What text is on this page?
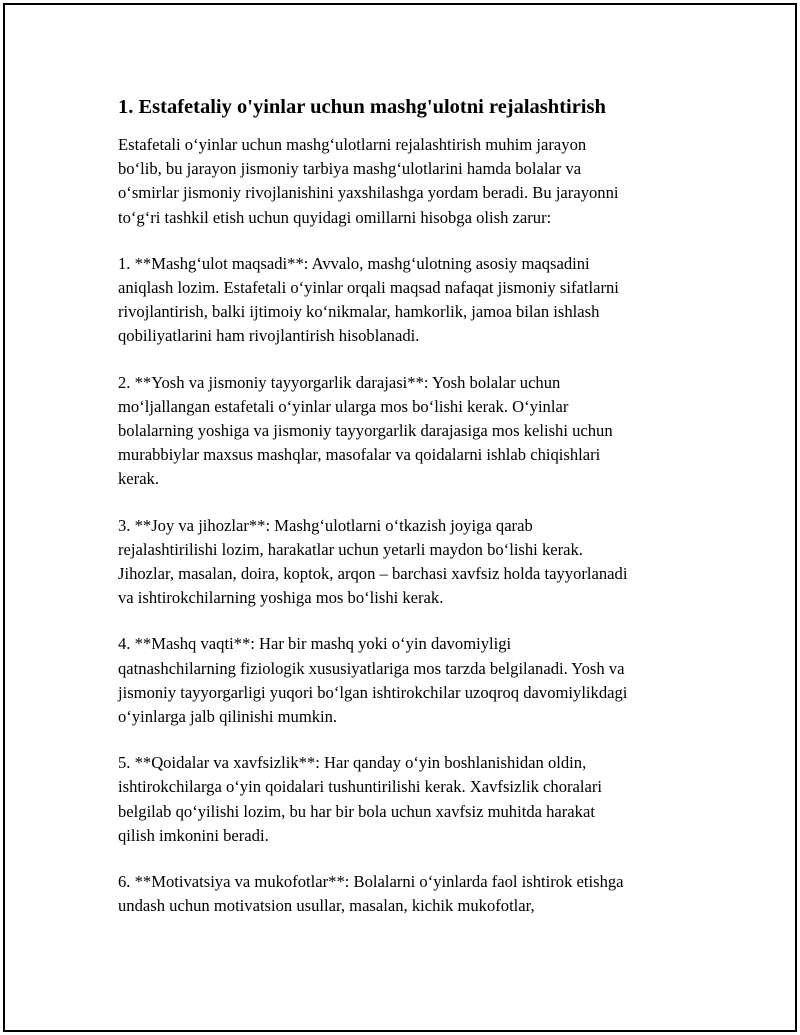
1. Estafetaliy o'yinlar uchun mashg'ulotni rejalashtirish

Estafetali o‘yinlar uchun mashg‘ulotlarni rejalashtirish muhim jarayon
bo‘lib, bu jarayon jismoniy tarbiya mashg‘ulotlarini hamda bolalar va
o‘smirlar jismoniy rivojlanishini yaxshilashga yordam beradi. Bu jarayonni
to‘g‘ri tashkil etish uchun quyidagi omillarni hisobga olish zarur:

1. **Mashg‘ulot maqsadi**: Avvalo, mashg‘ulotning asosiy maqsadini
aniqlash lozim. Estafetali o‘yinlar orqali maqsad nafaqat jismoniy sifatlarni
rivojlantirish, balki ijtimoiy ko‘nikmalar, hamkorlik, jamoa bilan ishlash
qobiliyatlarini ham rivojlantirish hisoblanadi.

2. **Yosh va jismoniy tayyorgarlik darajasi**: Yosh bolalar uchun
mo‘ljallangan estafetali o‘yinlar ularga mos bo‘lishi kerak. O‘yinlar
bolalarning yoshiga va jismoniy tayyorgarlik darajasiga mos kelishi uchun
murabbiylar maxsus mashqlar, masofalar va qoidalarni ishlab chiqishlari
kerak.

3. **Joy va jihozlar**: Mashg‘ulotlarni o‘tkazish joyiga qarab
rejalashtirilishi lozim, harakatlar uchun yetarli maydon bo‘lishi kerak.
Jihozlar, masalan, doira, koptok, arqon – barchasi xavfsiz holda tayyorlanadi
va ishtirokchilarning yoshiga mos bo‘lishi kerak.

4. **Mashq vaqti**: Har bir mashq yoki o‘yin davomiyligi
qatnashchilarning fiziologik xususiyatlariga mos tarzda belgilanadi. Yosh va
jismoniy tayyorgarligi yuqori bo‘lgan ishtirokchilar uzoqroq davomiylikdagi
o‘yinlarga jalb qilinishi mumkin.

5. **Qoidalar va xavfsizlik**: Har qanday o‘yin boshlanishidan oldin,
ishtirokchilarga o‘yin qoidalari tushuntirilishi kerak. Xavfsizlik choralari
belgilab qo‘yilishi lozim, bu har bir bola uchun xavfsiz muhitda harakat
qilish imkonini beradi.

6. **Motivatsiya va mukofotlar**: Bolalarni o‘yinlarda faol ishtirok etishga
undash uchun motivatsion usullar, masalan, kichik mukofotlar,
